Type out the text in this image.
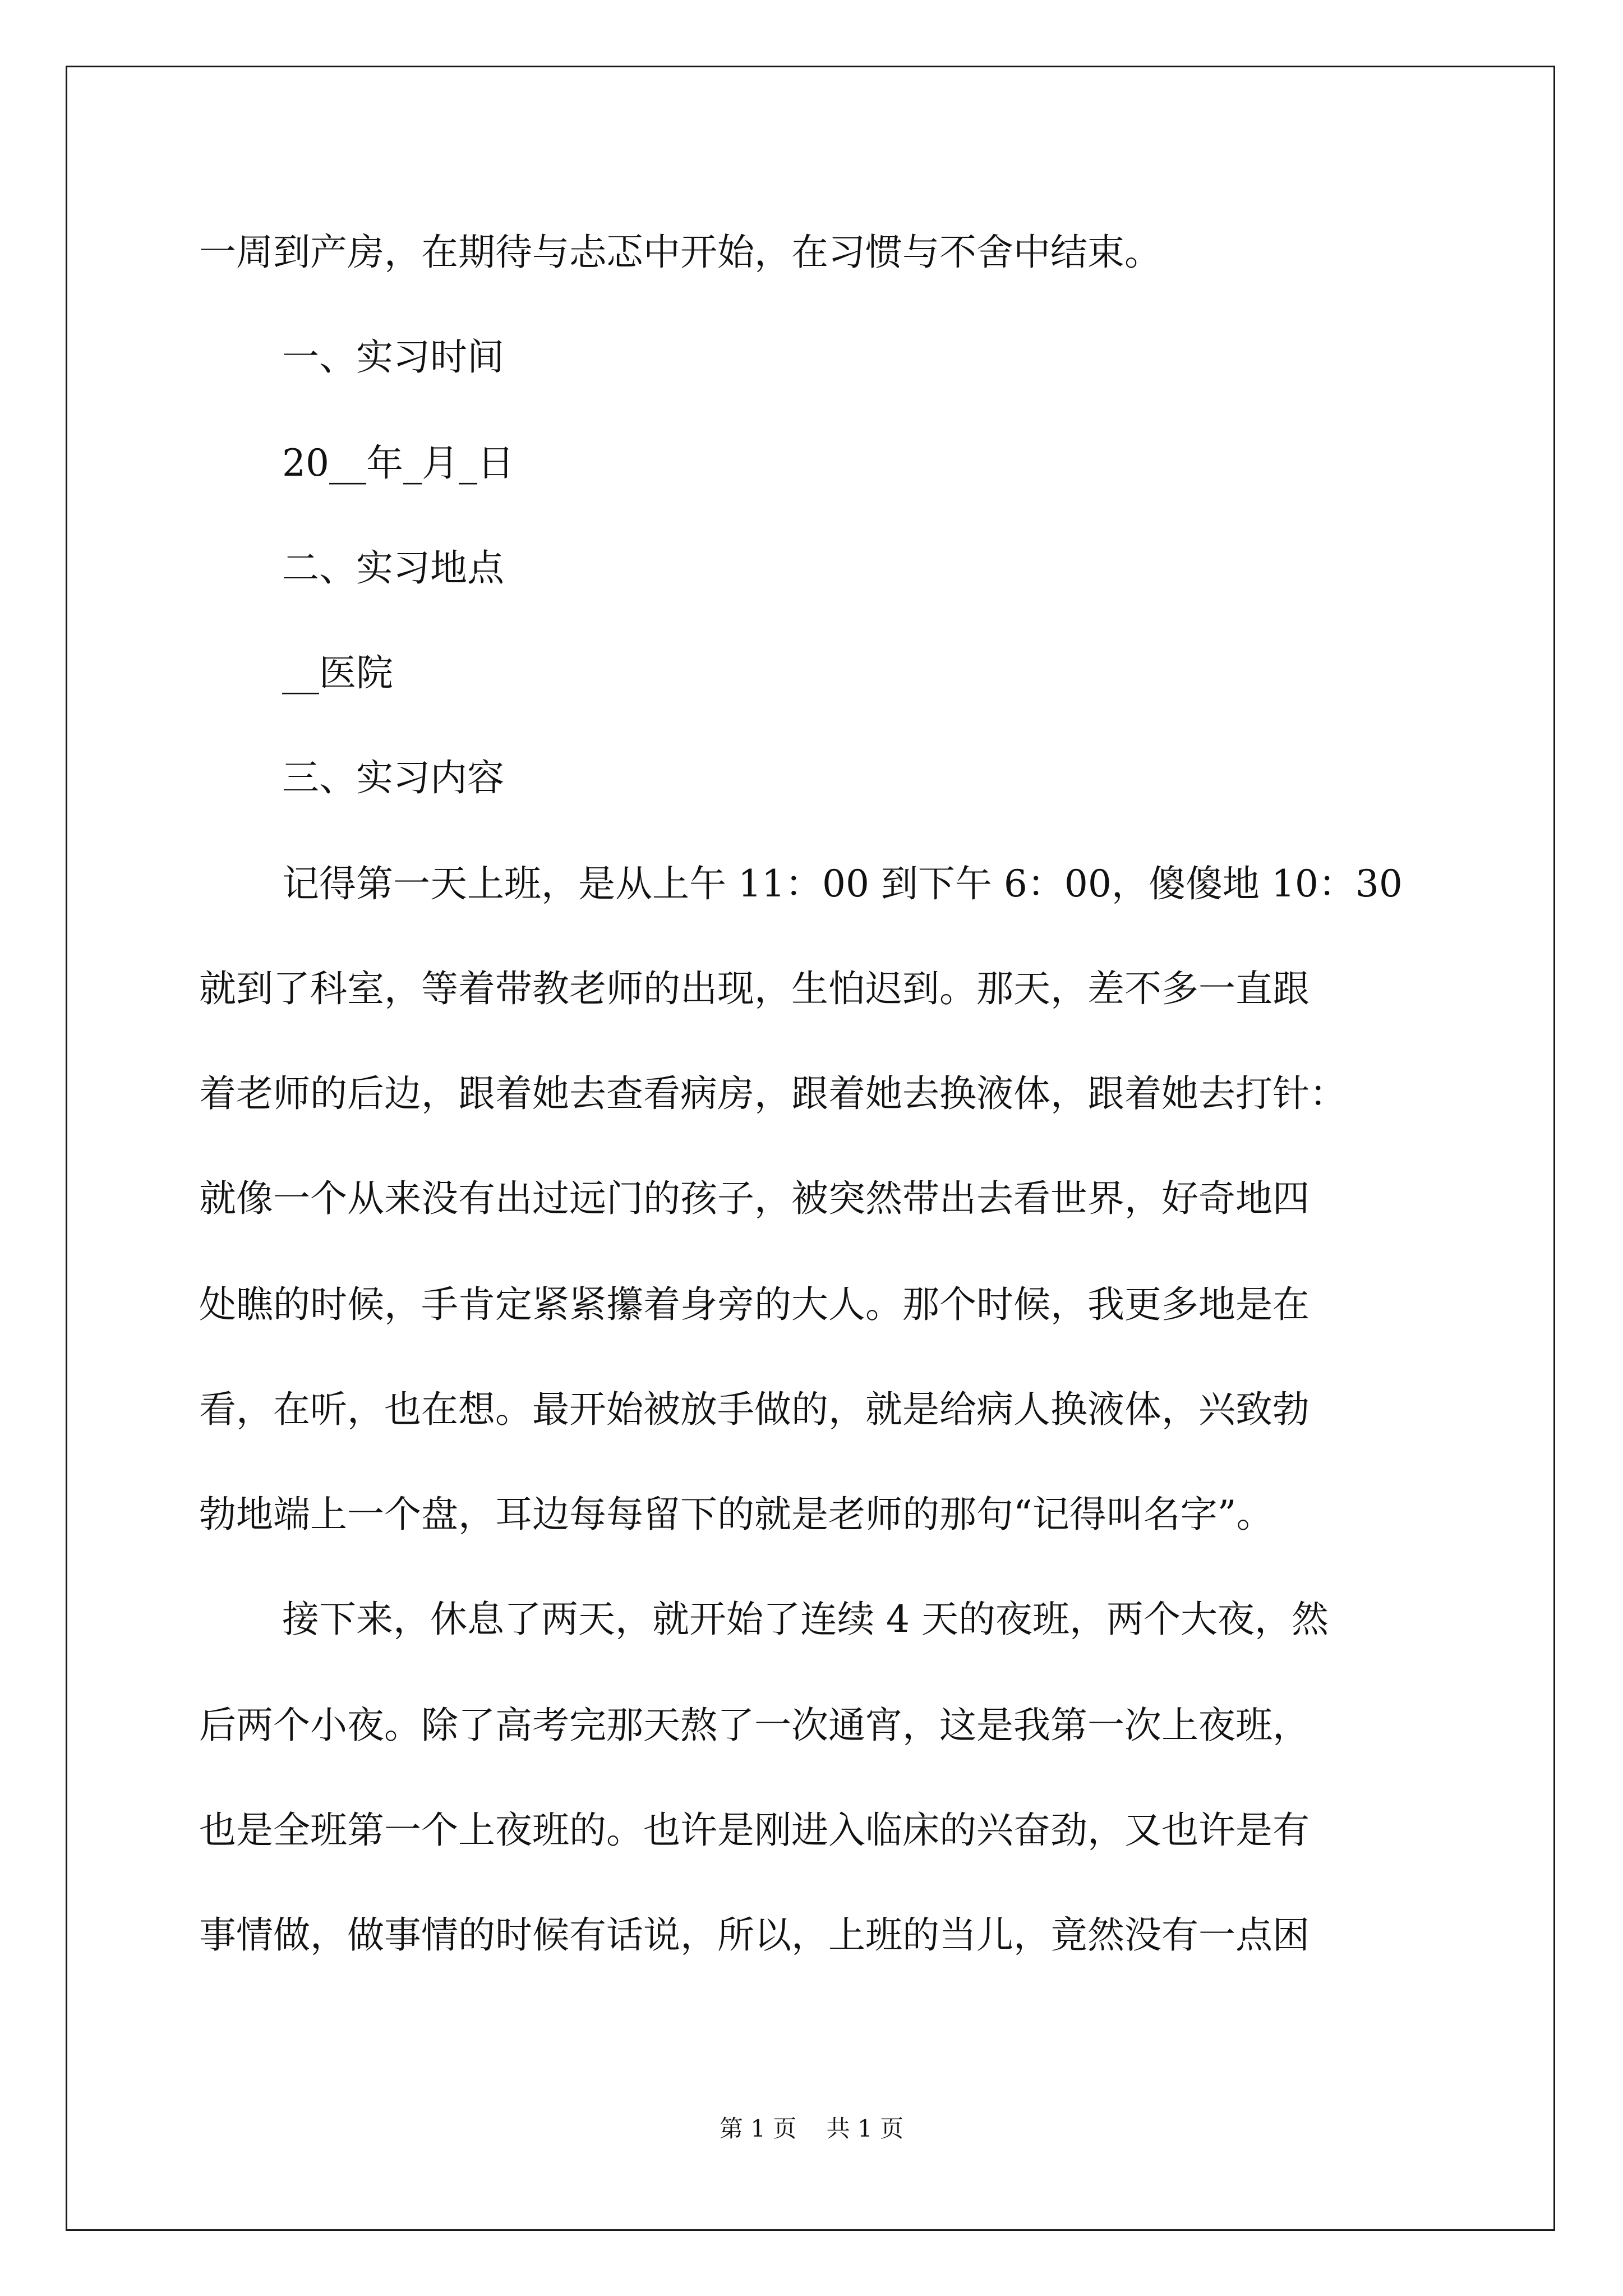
一周到产房，在期待与忐忑中开始，在习惯与不舍中结束。
一、实习时间
20__年_月_日
二、实习地点
__医院
三、实习内容
记得第一天上班，是从上午 11：00 到下午 6：00，傻傻地 10：30
就到了科室，等着带教老师的出现，生怕迟到。那天，差不多一直跟
着老师的后边，跟着她去查看病房，跟着她去换液体，跟着她去打针：
就像一个从来没有出过远门的孩子，被突然带出去看世界，好奇地四
处瞧的时候，手肯定紧紧攥着身旁的大人。那个时候，我更多地是在
看，在听，也在想。最开始被放手做的，就是给病人换液体，兴致勃
勃地端上一个盘，耳边每每留下的就是老师的那句“记得叫名字”。
接下来，休息了两天，就开始了连续 4 天的夜班，两个大夜，然
后两个小夜。除了高考完那天熬了一次通宵，这是我第一次上夜班，
也是全班第一个上夜班的。也许是刚进入临床的兴奋劲，又也许是有
事情做，做事情的时候有话说，所以，上班的当儿，竟然没有一点困
第 1 页 共 1 页
